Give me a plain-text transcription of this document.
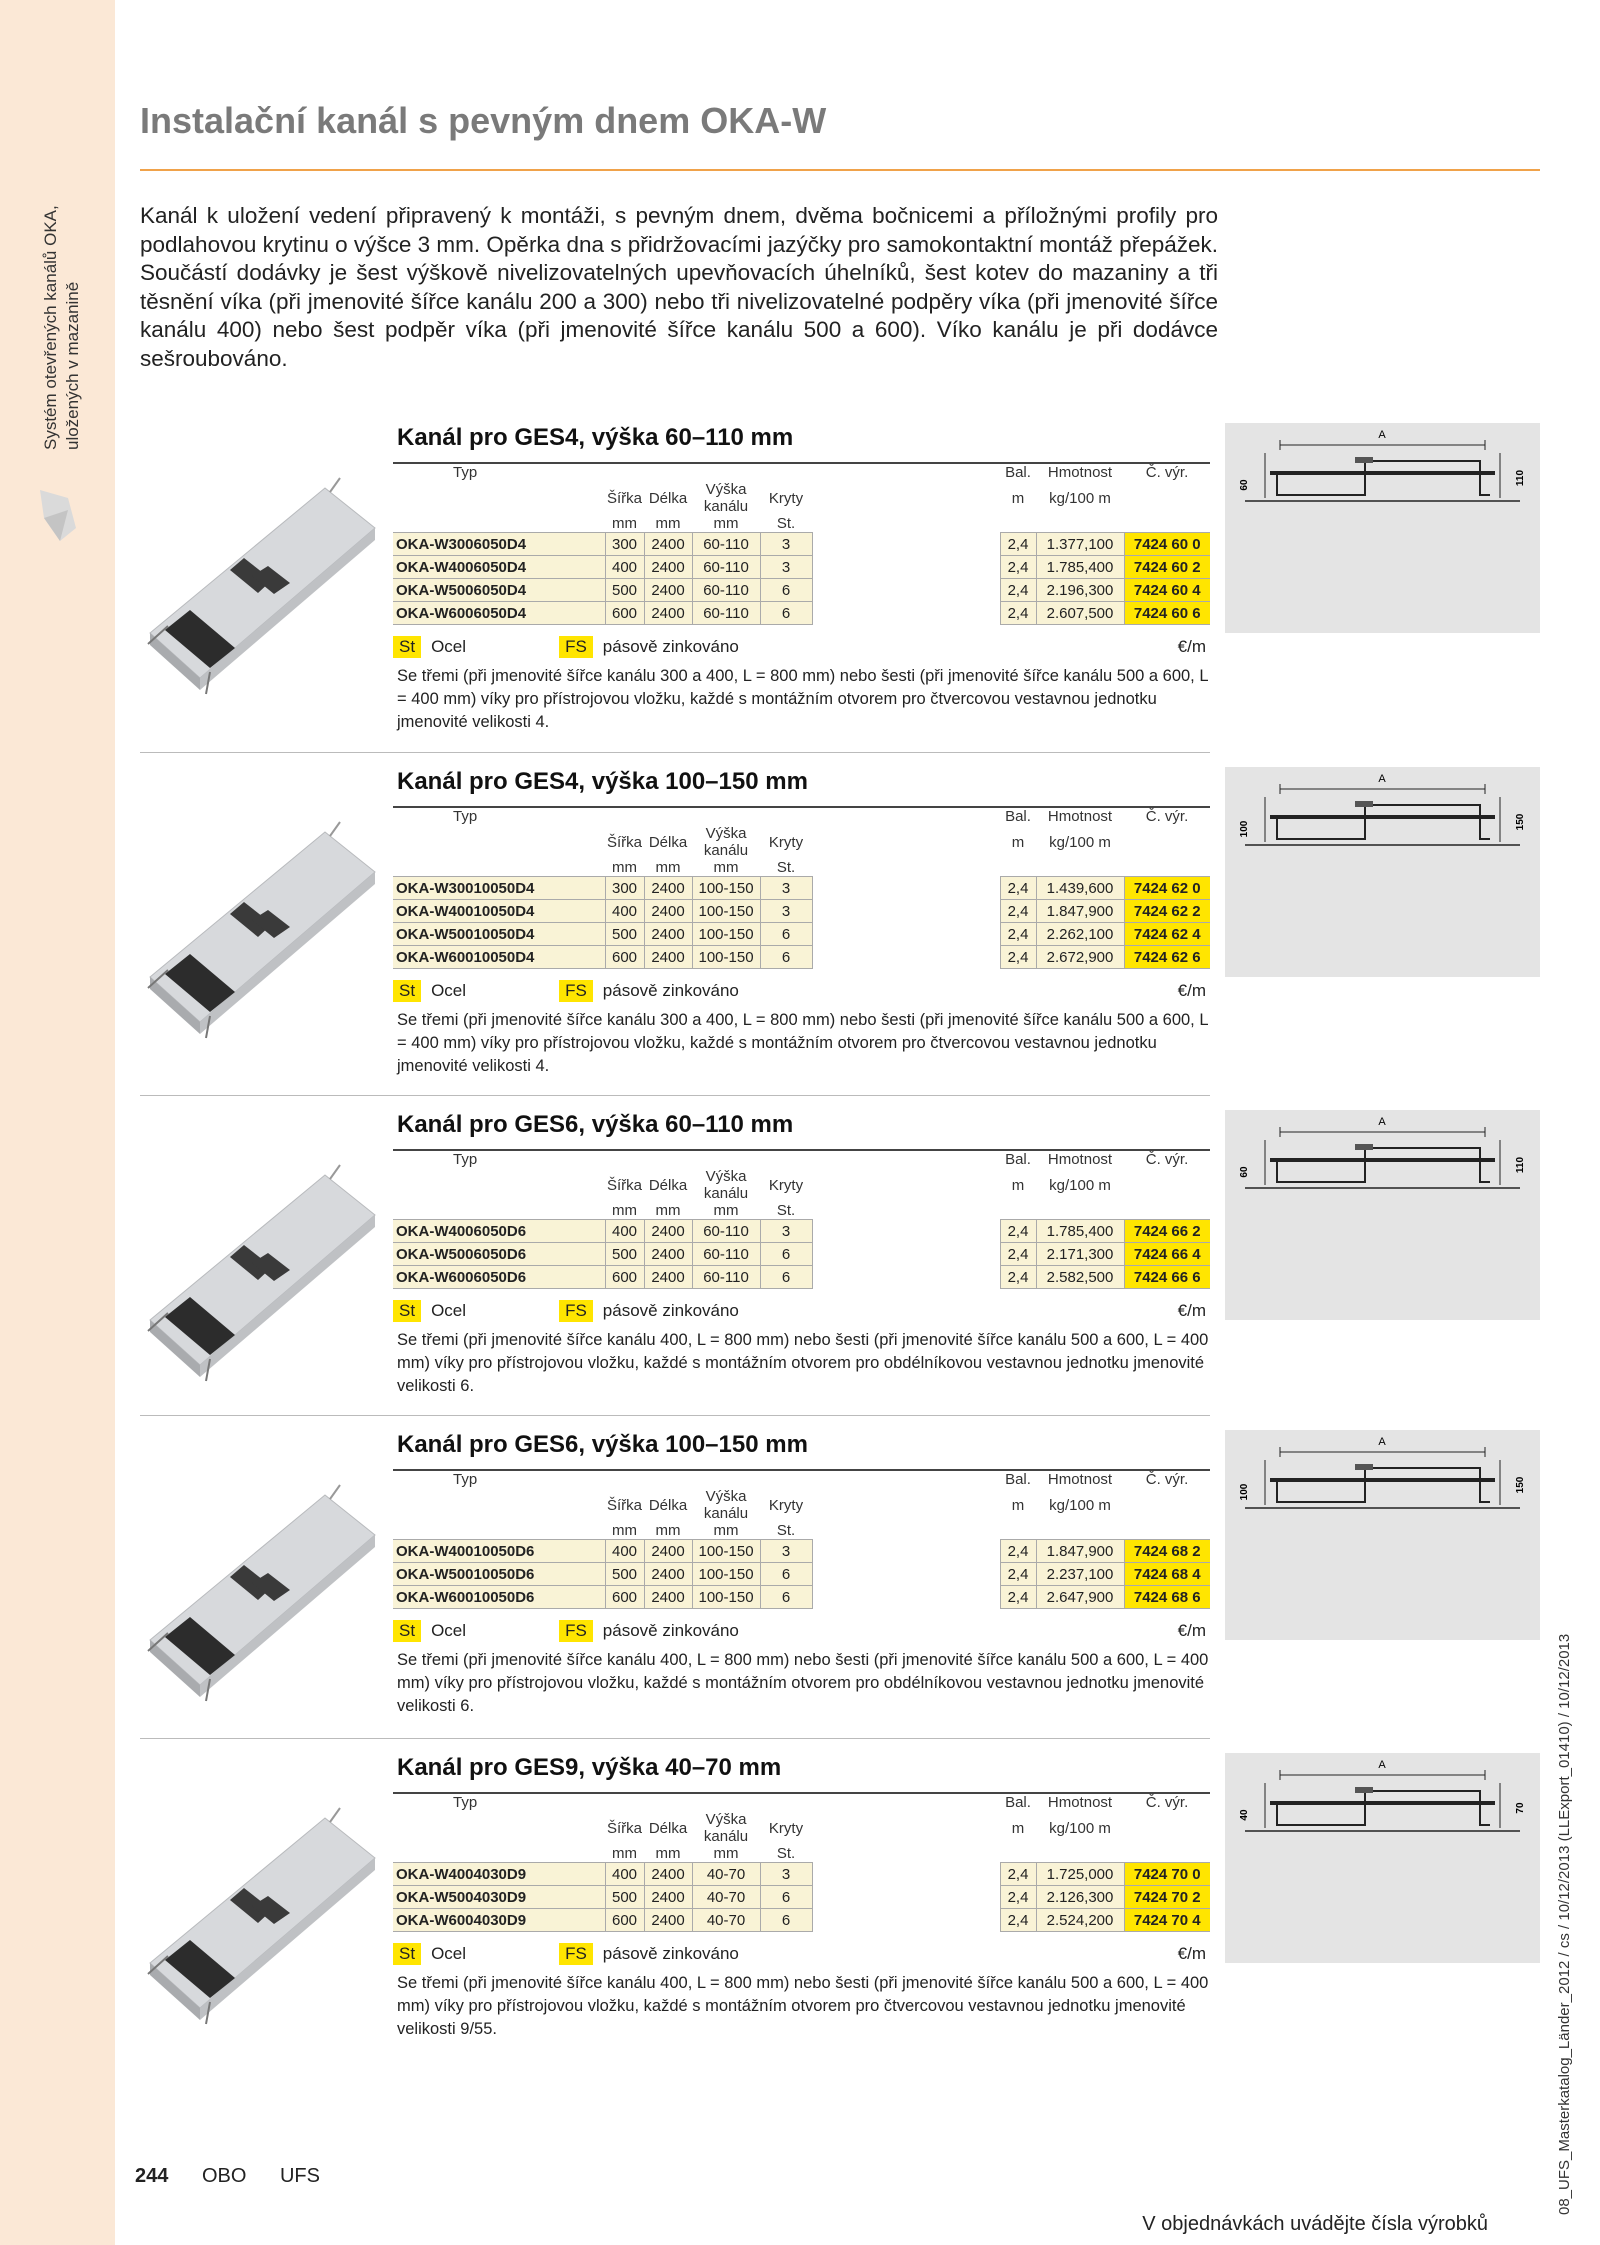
Systém otevřených kanálů OKA, uložených v mazanině
Instalační kanál s pevným dnem OKA-W

Kanál k uložení vedení připravený k montáži, s pevným dnem, dvěma bočnicemi a příložnými profily pro podlahovou krytinu o výšce 3 mm. Opěrka dna s přidržovacími jazýčky pro samokontaktní montáž přepážek. Součástí dodávky je šest výškově nivelizovatelných upevňovacích úhelníků, šest kotev do mazaniny a tři těsnění víka (při jmenovité šířce kanálu 200 a 300) nebo tři nivelizovatelné podpěry víka (při jmenovité šířce kanálu 400) nebo šest podpěr víka (při jmenovité šířce kanálu 500 a 600). Víko kanálu je při dodávce sešroubováno.

A
60	110
Kanál pro GES4, výška 60–110 mm
Typ						Bal.	Hmotnost	Č. výr.
	Šířka	Délka	Výška
kanálu	Kryty		m	kg/100 m	
	mm	mm	mm	St.				
OKA-W3006050D4	300	2400	60-110	3		2,4	1.377,100	7424 60 0
OKA-W4006050D4	400	2400	60-110	3		2,4	1.785,400	7424 60 2
OKA-W5006050D4	500	2400	60-110	6		2,4	2.196,300	7424 60 4
OKA-W6006050D4	600	2400	60-110	6		2,4	2.607,500	7424 60 6
St Ocel	FS pásově zinkováno	€/m
Se třemi (při jmenovité šířce kanálu 300 a 400, L = 800 mm) nebo šesti (při jmenovité šířce kanálu 500 a 600, L = 400 mm) víky pro přístrojovou vložku, každé s montážním otvorem pro čtvercovou vestavnou jednotku jmenovité velikosti 4.
A
100	150
Kanál pro GES4, výška 100–150 mm
Typ						Bal.	Hmotnost	Č. výr.
	Šířka	Délka	Výška
kanálu	Kryty		m	kg/100 m	
	mm	mm	mm	St.				
OKA-W30010050D4	300	2400	100-150	3		2,4	1.439,600	7424 62 0
OKA-W40010050D4	400	2400	100-150	3		2,4	1.847,900	7424 62 2
OKA-W50010050D4	500	2400	100-150	6		2,4	2.262,100	7424 62 4
OKA-W60010050D4	600	2400	100-150	6		2,4	2.672,900	7424 62 6
St Ocel	FS pásově zinkováno	€/m
Se třemi (při jmenovité šířce kanálu 300 a 400, L = 800 mm) nebo šesti (při jmenovité šířce kanálu 500 a 600, L = 400 mm) víky pro přístrojovou vložku, každé s montážním otvorem pro čtvercovou vestavnou jednotku jmenovité velikosti 4.
A
60	110
Kanál pro GES6, výška 60–110 mm
Typ						Bal.	Hmotnost	Č. výr.
	Šířka	Délka	Výška
kanálu	Kryty		m	kg/100 m	
	mm	mm	mm	St.				
OKA-W4006050D6	400	2400	60-110	3		2,4	1.785,400	7424 66 2
OKA-W5006050D6	500	2400	60-110	6		2,4	2.171,300	7424 66 4
OKA-W6006050D6	600	2400	60-110	6		2,4	2.582,500	7424 66 6
St Ocel	FS pásově zinkováno	€/m
Se třemi (při jmenovité šířce kanálu 400, L = 800 mm) nebo šesti (při jmenovité šířce kanálu 500 a 600, L = 400 mm) víky pro přístrojovou vložku, každé s montážním otvorem pro obdélníkovou vestavnou jednotku jmenovité velikosti 6.
A
100	150
Kanál pro GES6, výška 100–150 mm
Typ						Bal.	Hmotnost	Č. výr.
	Šířka	Délka	Výška
kanálu	Kryty		m	kg/100 m	
	mm	mm	mm	St.				
OKA-W40010050D6	400	2400	100-150	3		2,4	1.847,900	7424 68 2
OKA-W50010050D6	500	2400	100-150	6		2,4	2.237,100	7424 68 4
OKA-W60010050D6	600	2400	100-150	6		2,4	2.647,900	7424 68 6
St Ocel	FS pásově zinkováno	€/m
Se třemi (při jmenovité šířce kanálu 400, L = 800 mm) nebo šesti (při jmenovité šířce kanálu 500 a 600, L = 400 mm) víky pro přístrojovou vložku, každé s montážním otvorem pro obdélníkovou vestavnou jednotku jmenovité velikosti 6.
A
40
70
Kanál pro GES9, výška 40–70 mm
Typ						Bal.	Hmotnost	Č. výr.
	Šířka	Délka	Výška
kanálu	Kryty		m	kg/100 m	
	mm	mm	mm	St.				
OKA-W4004030D9	400	2400	40-70	3		2,4	1.725,000	7424 70 0
OKA-W5004030D9	500	2400	40-70	6		2,4	2.126,300	7424 70 2
OKA-W6004030D9	600	2400	40-70	6		2,4	2.524,200	7424 70 4
St Ocel	FS pásově zinkováno	€/m
Se třemi (při jmenovité šířce kanálu 400, L = 800 mm) nebo šesti (při jmenovité šířce kanálu 500 a 600, L = 400 mm) víky pro přístrojovou vložku, každé s montážním otvorem pro čtvercovou vestavnou jednotku jmenovité velikosti 9/55.	08_UFS_Masterkatalog_Länder_2012 / cs / 10/12/2013 (LLExport_01410) / 10/12/2013
244 OBO UFS
V objednávkách uvádějte čísla výrobků
